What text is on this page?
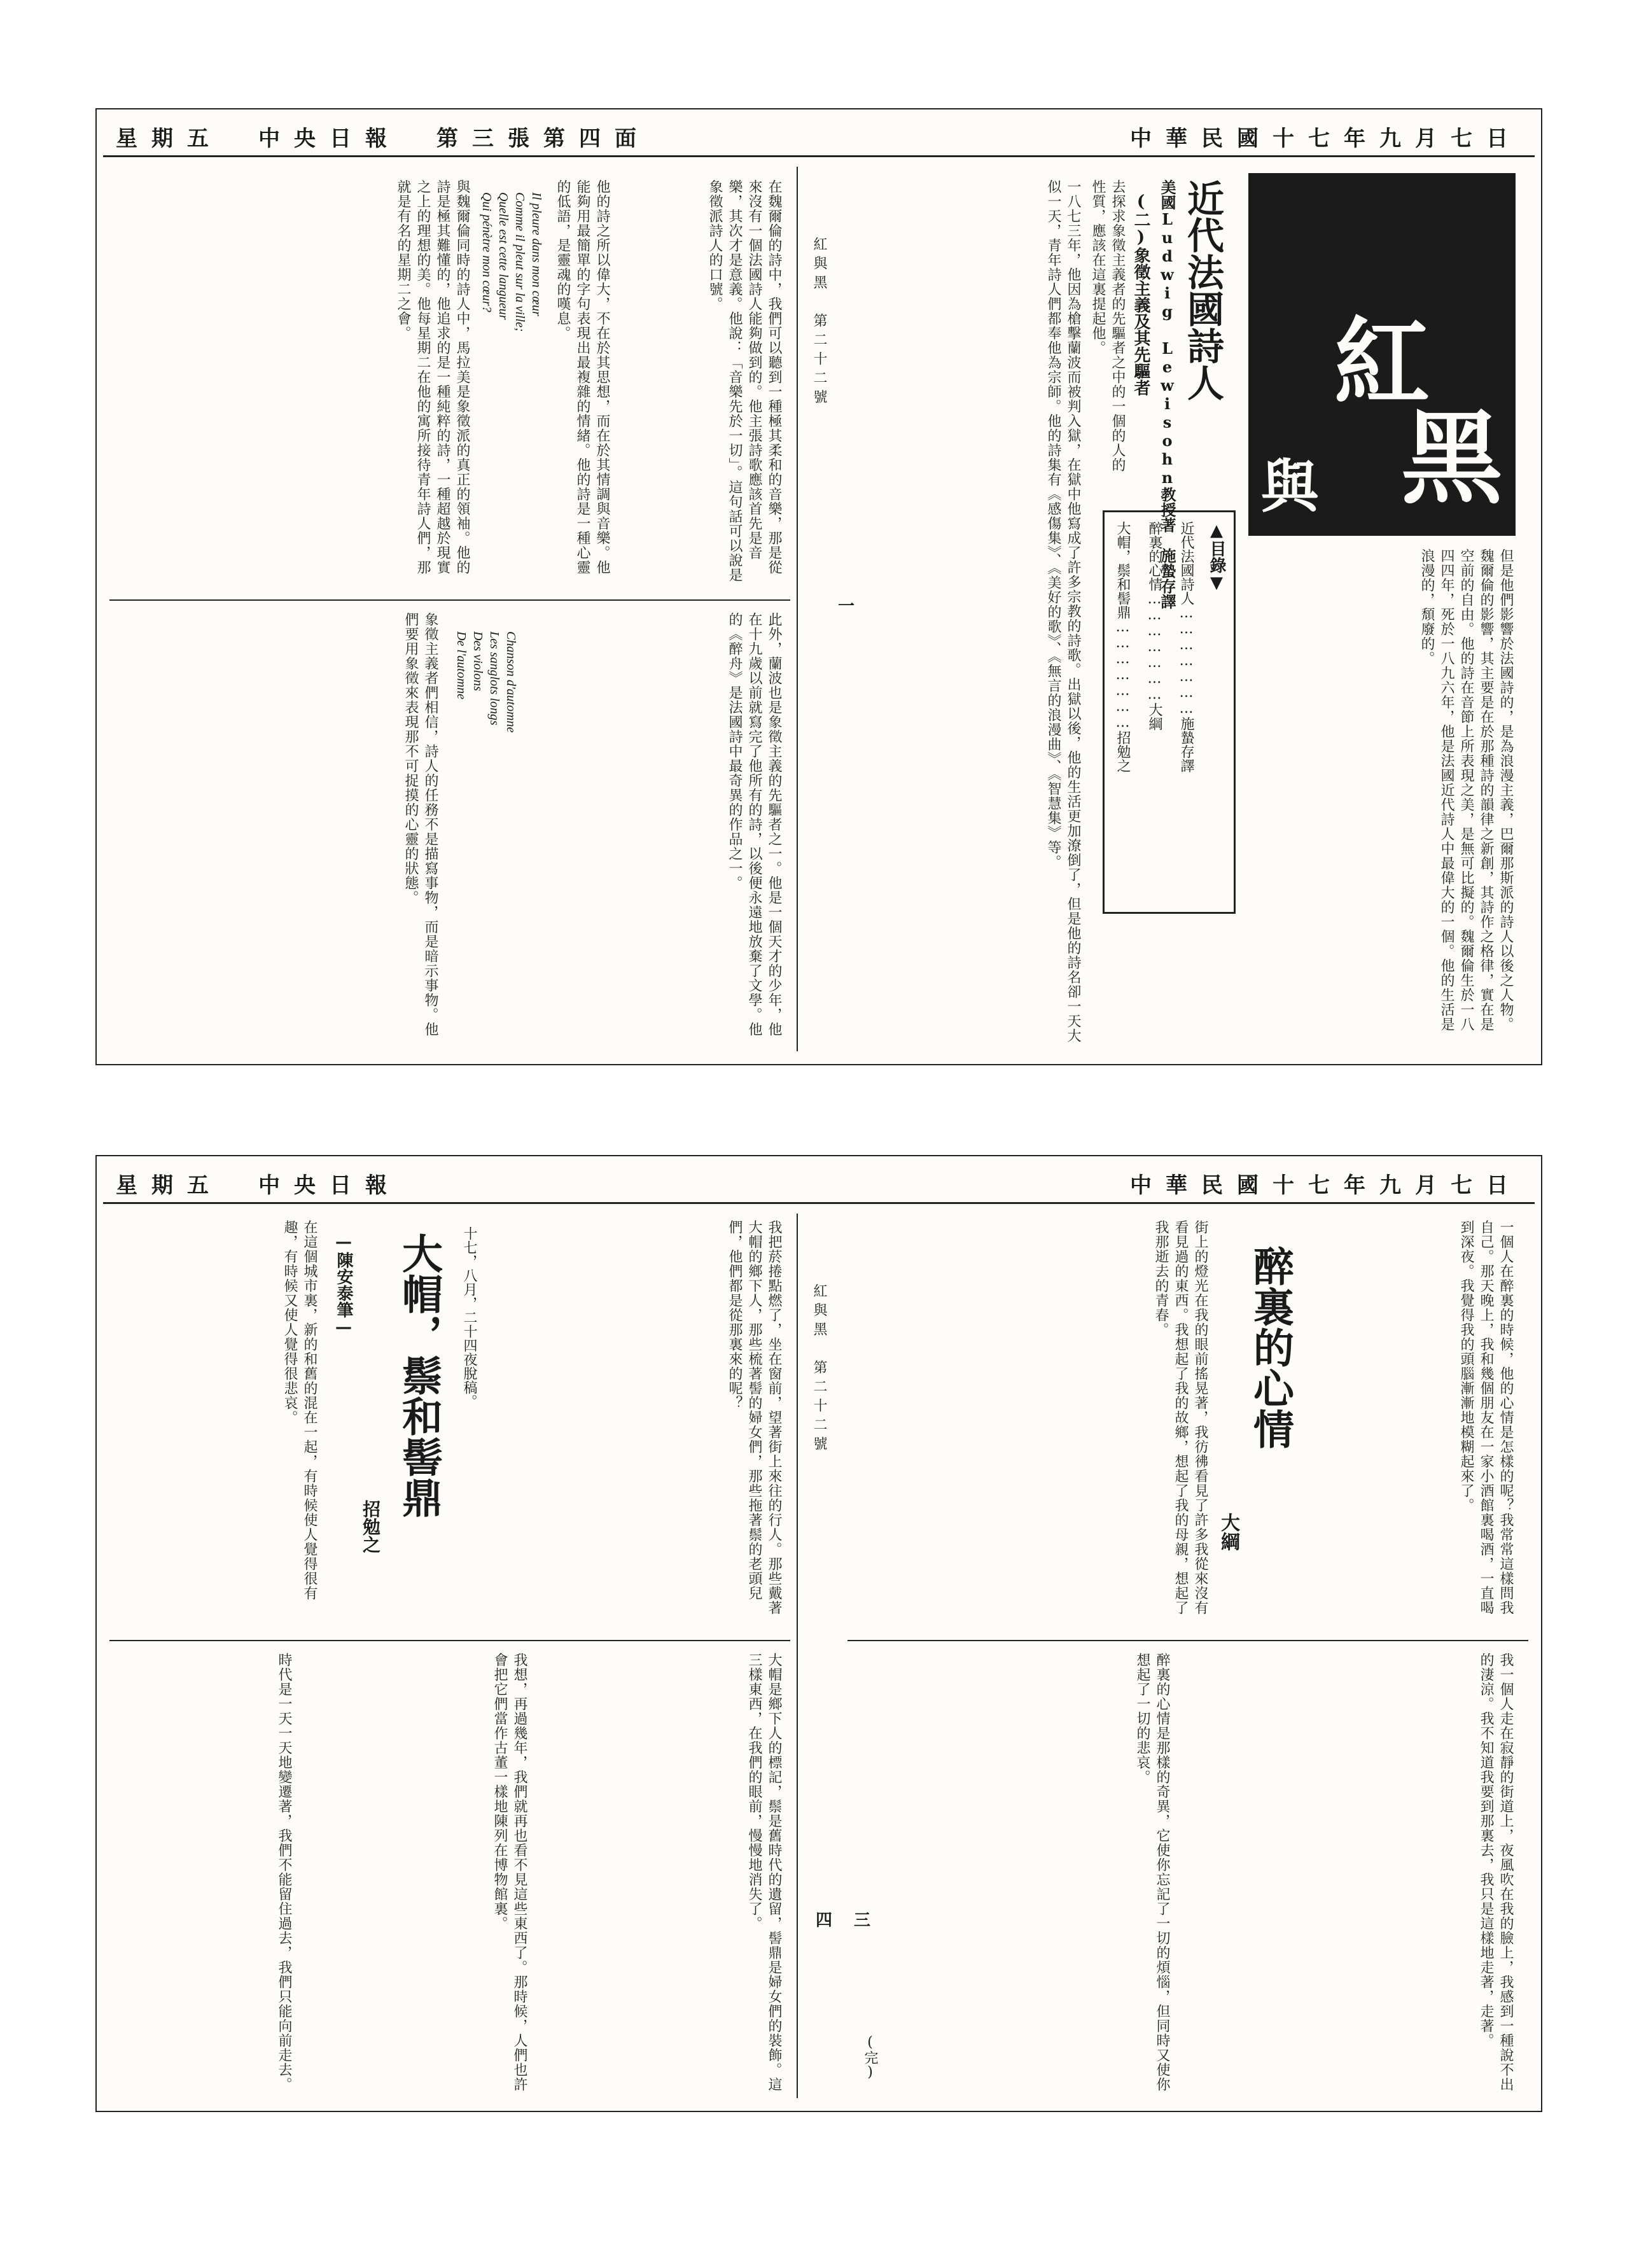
中華民國十七年九月七日
星期五　中央日報　第三張第四面
紅
與 黑
▲目錄▼
近代法國詩人…………………施蟄存譯
醉裏的心情…………………大綱
大帽，鬃和髻鼎…………………招勉之
近代法國詩人
美國Ludwig Lewisohn教授著　施蟄存譯
(二)象徵主義及其先驅者
去探求象徵主義者的先驅者之中的一個的人的性質，應該在這裏提起他。
但是他們影響於法國詩的，是為浪漫主義，巴爾那斯派的詩人以後之人物。魏爾倫的影響，其主要是在於那種詩的韻律之新創，其詩作之格律，實在是空前的自由。他的詩在音節上所表現之美，是無可比擬的。魏爾倫生於一八四四年，死於一八九六年，他是法國近代詩人中最偉大的一個。他的生活是浪漫的，頹廢的。
一八七三年，他因為槍擊蘭波而被判入獄，在獄中他寫成了許多宗教的詩歌。出獄以後，他的生活更加潦倒了，但是他的詩名卻一天大似一天，青年詩人們都奉他為宗師。他的詩集有《感傷集》、《美好的歌》、《無言的浪漫曲》、《智慧集》等。
紅與黑　第二十二號
一
在魏爾倫的詩中，我們可以聽到一種極其柔和的音樂，那是從來沒有一個法國詩人能夠做到的。他主張詩歌應該首先是音樂，其次才是意義。他說：「音樂先於一切」。這句話可以說是象徵派詩人的口號。
Il pleure dans mon cœur
Comme il pleut sur la ville;
Quelle est cette langueur
Qui pénètre mon cœur?	他的詩之所以偉大，不在於其思想，而在於其情調與音樂。他能夠用最簡單的字句表現出最複雜的情緒。他的詩是一種心靈的低語，是靈魂的嘆息。
與魏爾倫同時的詩人中，馬拉美是象徵派的真正的領袖。他的詩是極其難懂的，他追求的是一種純粹的詩，一種超越於現實之上的理想的美。他每星期二在他的寓所接待青年詩人們，那就是有名的星期二之會。
此外，蘭波也是象徵主義的先驅者之一。他是一個天才的少年，他在十九歲以前就寫完了他所有的詩，以後便永遠地放棄了文學。他的《醉舟》是法國詩中最奇異的作品之一。
Chanson d'automne
Les sanglots longs
Des violons
De l'automne
象徵主義者們相信，詩人的任務不是描寫事物，而是暗示事物。他們要用象徵來表現那不可捉摸的心靈的狀態。
中華民國十七年九月七日
星期五　中央日報
一個人在醉裏的時候，他的心情是怎樣的呢？我常常這樣問我自己。那天晚上，我和幾個朋友在一家小酒館裏喝酒，一直喝到深夜。我覺得我的頭腦漸漸地模糊起來了。
醉裏的心情
大綱
街上的燈光在我的眼前搖晃著，我彷彿看見了許多我從來沒有看見過的東西。我想起了我的故鄉，想起了我的母親，想起了我那逝去的青春。
我一個人走在寂靜的街道上，夜風吹在我的臉上，我感到一種說不出的淒涼。我不知道我要到那裏去，我只是這樣地走著，走著。
醉裏的心情是那樣的奇異，它使你忘記了一切的煩惱，但同時又使你想起了一切的悲哀。
(完)
紅與黑　第二十二號
三
四
我把菸捲點燃了，坐在窗前，望著街上來往的行人。那些戴著大帽的鄉下人，那些梳著髻的婦女們，那些拖著鬃的老頭兒們，他們都是從那裏來的呢？
十七，八月，二十四夜脫稿。
大帽，鬃和髻鼎
招勉之
—陳安泰筆—
在這個城市裏，新的和舊的混在一起，有時候使人覺得很有趣，有時候又使人覺得很悲哀。
大帽是鄉下人的標記，鬃是舊時代的遺留，髻鼎是婦女們的裝飾。這三樣東西，在我們的眼前，慢慢地消失了。
我想，再過幾年，我們就再也看不見這些東西了。那時候，人們也許會把它們當作古董一樣地陳列在博物館裏。
時代是一天一天地變遷著，我們不能留住過去，我們只能向前走去。
